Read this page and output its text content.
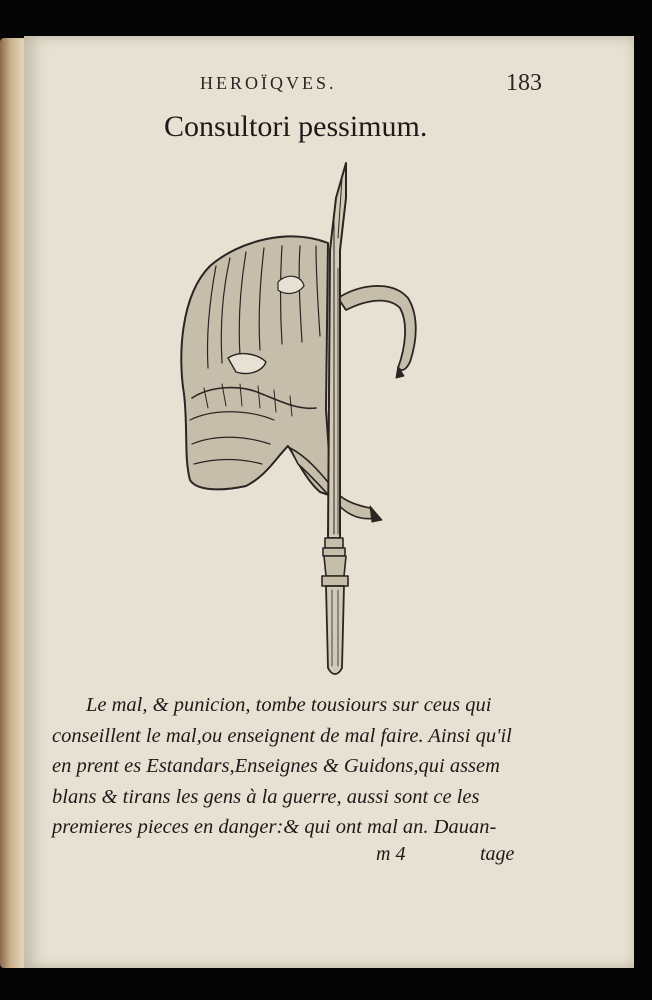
HEROÏQVES.	183
Consultori pessimum.
Le mal, & punicion, tombe tousiours sur ceus qui
conseillent le mal,ou enseignent de mal faire. Ainsi qu'il
en prent es Estandars,Enseignes & Guidons,qui assem
blans & tirans les gens à la guerre, aussi sont ce les
premieres pieces en danger:& qui ont mal an. Dauan-
m 4	tage
